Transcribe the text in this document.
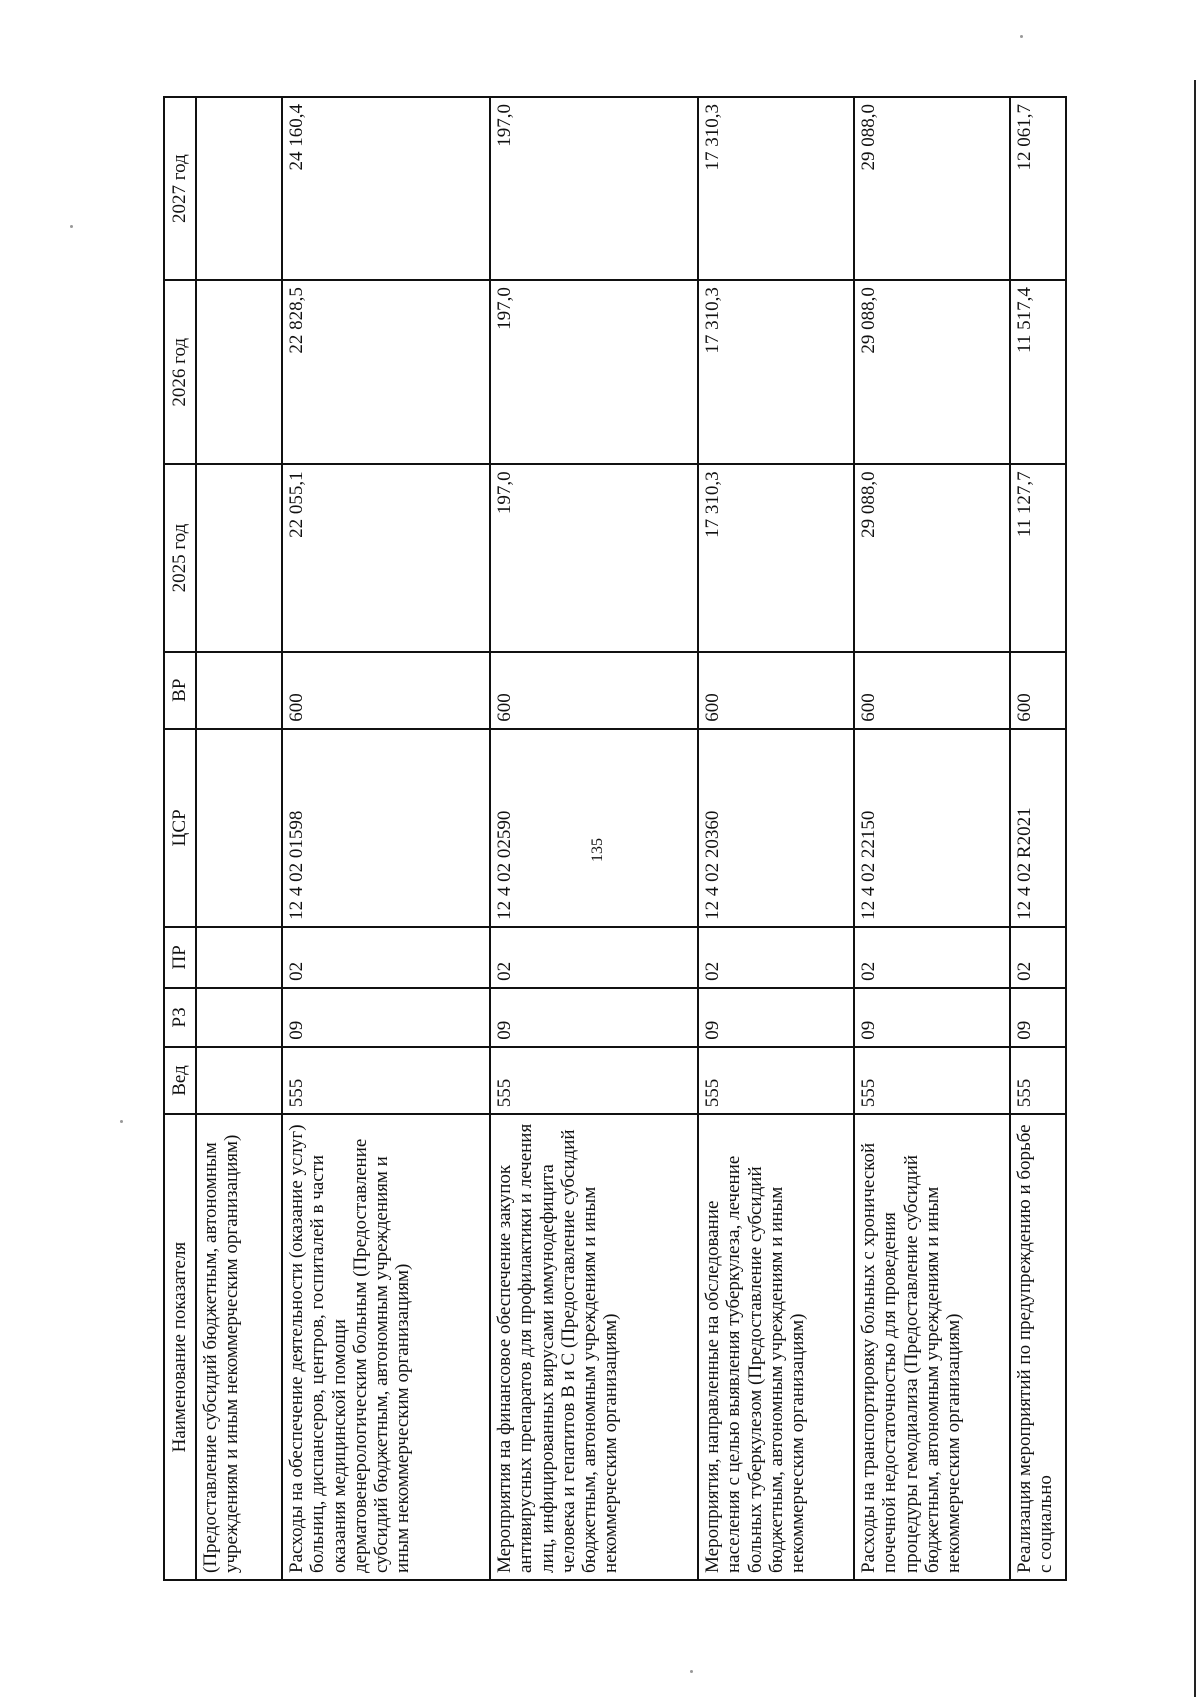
135
Наименование показателя	Вед	РЗ	ПР	ЦСР	ВР	2025 год	2026 год	2027 год
(Предоставление субсидий бюджетным, автономным учреждениям и иным некоммерческим организациям)								
Расходы на обеспечение деятельности (оказание услуг) больниц, диспансеров, центров, госпиталей в части оказания медицинской помощи дерматовенерологическим больным (Предоставление субсидий бюджетным, автономным учреждениям и иным некоммерческим организациям)	555	09	02	12 4 02 01598	600	22 055,1	22 828,5	24 160,4
Мероприятия на финансовое обеспечение закупок антивирусных препаратов для профилактики и лечения лиц, инфицированных вирусами иммунодефицита человека и гепатитов В и С (Предоставление субсидий бюджетным, автономным учреждениям и иным некоммерческим организациям)	555	09	02	12 4 02 02590	600	197,0	197,0	197,0
Мероприятия, направленные на обследование населения с целью выявления туберкулеза, лечение больных туберкулезом (Предоставление субсидий бюджетным, автономным учреждениям и иным некоммерческим организациям)	555	09	02	12 4 02 20360	600	17 310,3	17 310,3	17 310,3
Расходы на транспортировку больных с хронической почечной недостаточностью для проведения процедуры гемодиализа (Предоставление субсидий бюджетным, автономным учреждениям и иным некоммерческим организациям)	555	09	02	12 4 02 22150	600	29 088,0	29 088,0	29 088,0
Реализация мероприятий по предупреждению и борьбе с социально	555	09	02	12 4 02 R2021	600	11 127,7	11 517,4	12 061,7
